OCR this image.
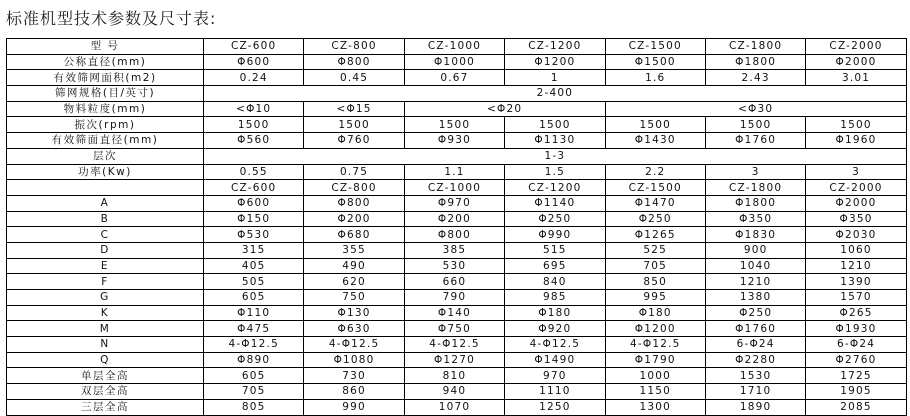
标准机型技术参数及尺寸表:
型 号	CZ-600	CZ-800	CZ-1000	CZ-1200	CZ-1500	CZ-1800	CZ-2000
公称直径(mm)	Φ600	Φ800	Φ1000	Φ1200	Φ1500	Φ1800	Φ2000
有效筛网面积(m2)	0.24	0.45	0.67	1	1.6	2.43	3.01
筛网规格(目/英寸)	2-400						
物料粒度(mm)	<Φ10	<Φ15	<Φ20		<Φ30		
振次(rpm)	1500	1500	1500	1500	1500	1500	1500
有效筛面直径(mm)	Φ560	Φ760	Φ930	Φ1130	Φ1430	Φ1760	Φ1960
层次	1-3						
功率(Kw)	0.55	0.75	1.1	1.5	2.2	3	3
	CZ-600	CZ-800	CZ-1000	CZ-1200	CZ-1500	CZ-1800	CZ-2000
A	Φ600	Φ800	Φ970	Φ1140	Φ1470	Φ1800	Φ2000
B	Φ150	Φ200	Φ200	Φ250	Φ250	Φ350	Φ350
C	Φ530	Φ680	Φ800	Φ990	Φ1265	Φ1830	Φ2030
D	315	355	385	515	525	900	1060
E	405	490	530	695	705	1040	1210
F	505	620	660	840	850	1210	1390
G	605	750	790	985	995	1380	1570
K	Φ110	Φ130	Φ140	Φ180	Φ180	Φ250	Φ265
M	Φ475	Φ630	Φ750	Φ920	Φ1200	Φ1760	Φ1930
N	4-Φ12.5	4-Φ12.5	4-Φ12.5	4-Φ12.5	4-Φ12.5	6-Φ24	6-Φ24
Q	Φ890	Φ1080	Φ1270	Φ1490	Φ1790	Φ2280	Φ2760
单层全高	605	730	810	970	1000	1530	1725
双层全高	705	860	940	1110	1150	1710	1905
三层全高	805	990	1070	1250	1300	1890	2085
